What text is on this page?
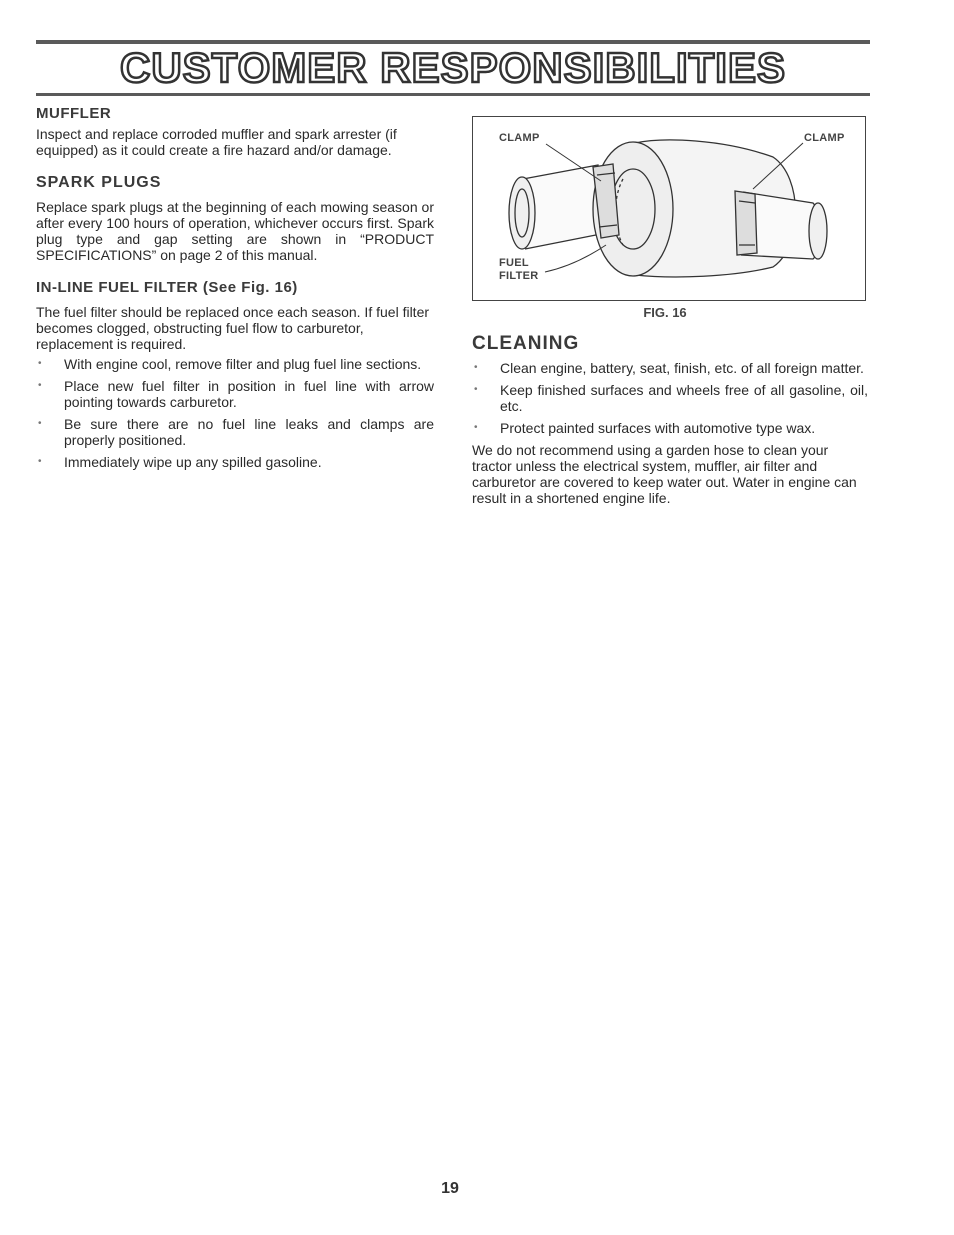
CUSTOMER RESPONSIBILITIES
MUFFLER

Inspect and replace corroded muffler and spark arrester (if equipped) as it could create a fire hazard and/or damage.

SPARK PLUGS

Replace spark plugs at the beginning of each mowing season or after every 100 hours of operation, whichever occurs first. Spark plug type and gap setting are shown in “PRODUCT SPECIFICATIONS” on page 2 of this manual.

IN-LINE FUEL FILTER (See Fig. 16)

The fuel filter should be replaced once each season. If fuel filter becomes clogged, obstructing fuel flow to carburetor, replacement is required.

• With engine cool, remove filter and plug fuel line sections.
• Place new fuel filter in position in fuel line with arrow pointing towards carburetor.
• Be sure there are no fuel line leaks and clamps are properly positioned.
• Immediately wipe up any spilled gasoline.
CLAMP	CLAMP
FUEL
FILTER
FIG. 16
CLEANING
• Clean engine, battery, seat, finish, etc. of all foreign matter.
• Keep finished surfaces and wheels free of all gasoline, oil, etc.
• Protect painted surfaces with automotive type wax.

We do not recommend using a garden hose to clean your tractor unless the electrical system, muffler, air filter and carburetor are covered to keep water out. Water in engine can result in a shortened engine life.

19
